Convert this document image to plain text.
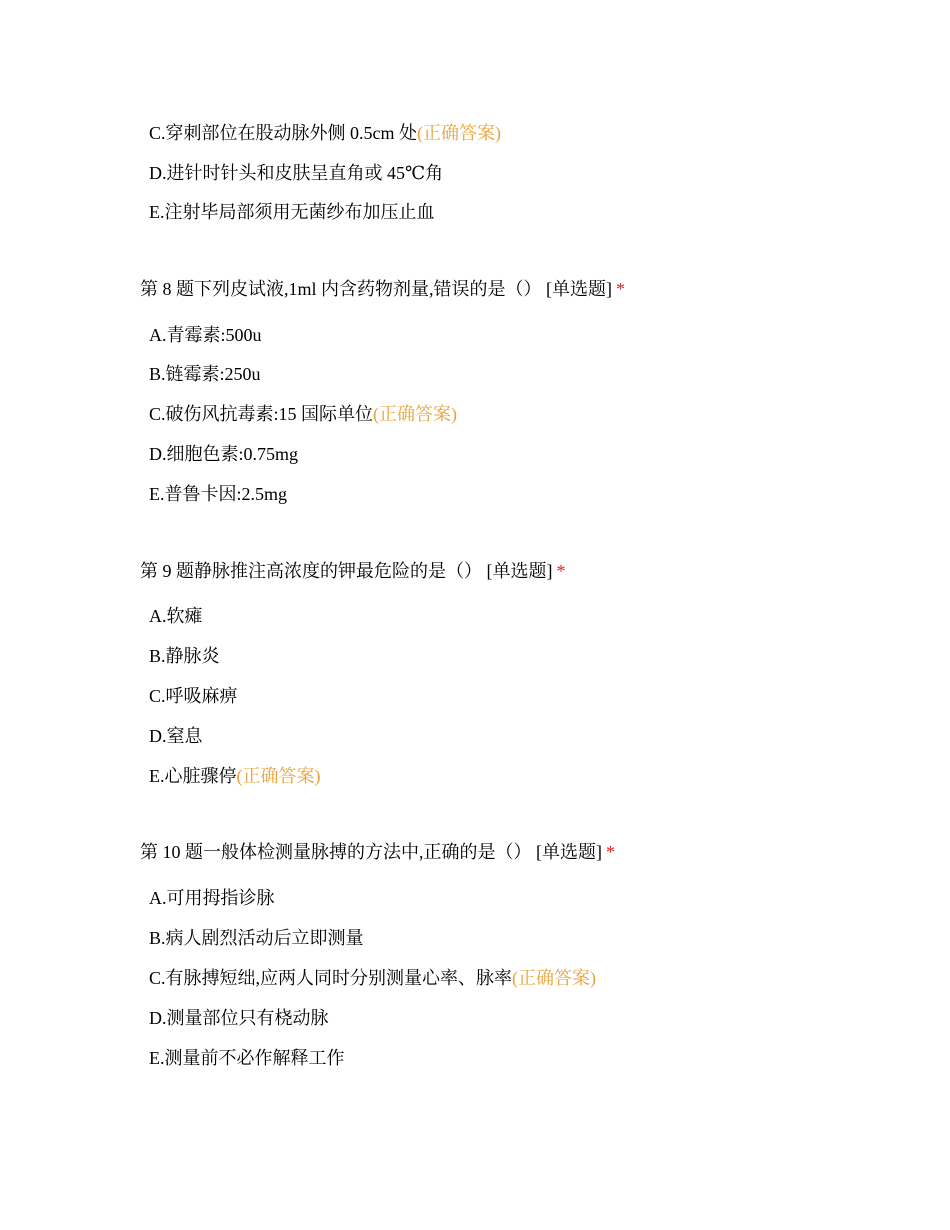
C.穿刺部位在股动脉外侧 0.5cm 处(正确答案)
D.进针时针头和皮肤呈直角或 45℃角
E.注射毕局部须用无菌纱布加压止血
第 8 题下列皮试液,1ml 内含药物剂量,错误的是（） [单选题] *
A.青霉素:500u
B.链霉素:250u
C.破伤风抗毒素:15 国际单位(正确答案)
D.细胞色素:0.75mg
E.普鲁卡因:2.5mg
第 9 题静脉推注高浓度的钾最危险的是（） [单选题] *
A.软瘫
B.静脉炎
C.呼吸麻痹
D.窒息
E.心脏骤停(正确答案)
第 10 题一般体检测量脉搏的方法中,正确的是（） [单选题] *
A.可用拇指诊脉
B.病人剧烈活动后立即测量
C.有脉搏短绌,应两人同时分别测量心率、脉率(正确答案)
D.测量部位只有桡动脉
E.测量前不必作解释工作
